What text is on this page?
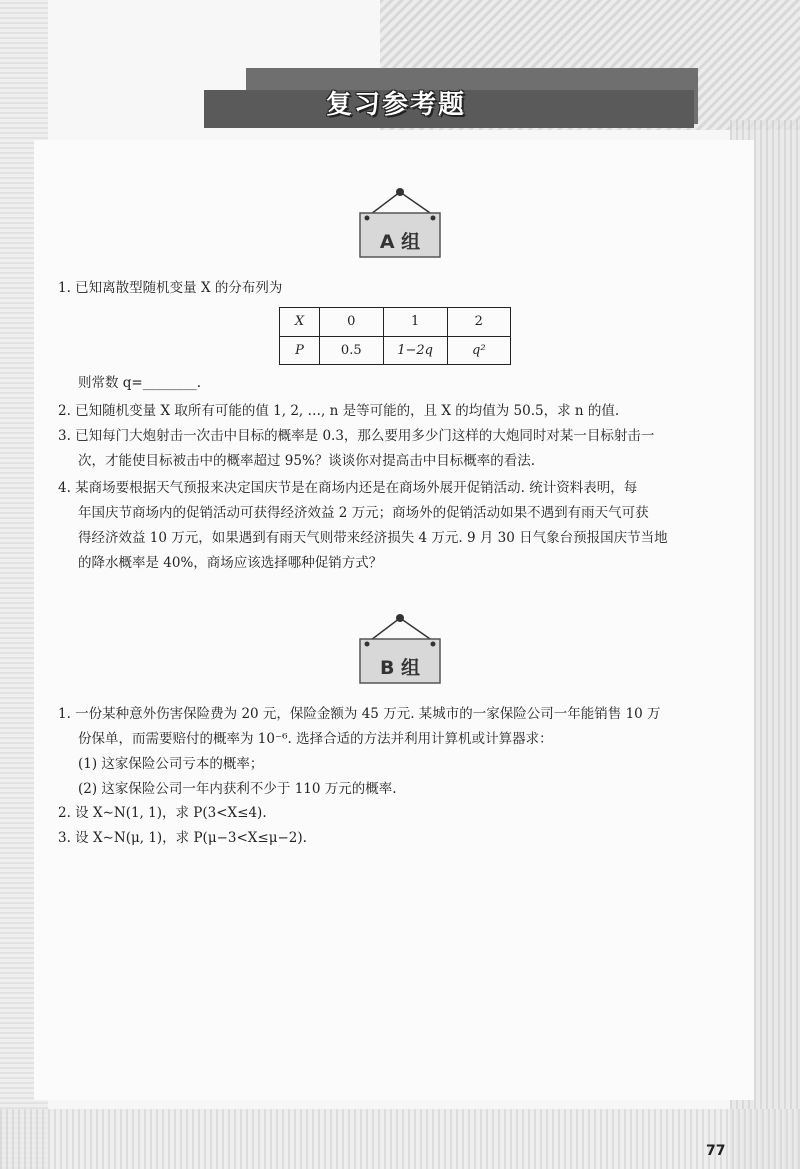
复习参考题
A 组
1. 已知离散型随机变量 X 的分布列为
X	0	1	2
P	0.5	1−2q	q²
则常数 q=________.
2. 已知随机变量 X 取所有可能的值 1, 2, …, n 是等可能的，且 X 的均值为 50.5，求 n 的值.
3. 已知每门大炮射击一次击中目标的概率是 0.3，那么要用多少门这样的大炮同时对某一目标射击一
次，才能使目标被击中的概率超过 95%？谈谈你对提高击中目标概率的看法.
4. 某商场要根据天气预报来决定国庆节是在商场内还是在商场外展开促销活动. 统计资料表明，每
年国庆节商场内的促销活动可获得经济效益 2 万元；商场外的促销活动如果不遇到有雨天气可获
得经济效益 10 万元，如果遇到有雨天气则带来经济损失 4 万元. 9 月 30 日气象台预报国庆节当地
的降水概率是 40%，商场应该选择哪种促销方式？
B 组
1. 一份某种意外伤害保险费为 20 元，保险金额为 45 万元. 某城市的一家保险公司一年能销售 10 万
份保单，而需要赔付的概率为 10⁻⁶. 选择合适的方法并利用计算机或计算器求：
(1) 这家保险公司亏本的概率；
(2) 这家保险公司一年内获利不少于 110 万元的概率.
2. 设 X∼N(1, 1)，求 P(3<X≤4).
3. 设 X∼N(μ, 1)，求 P(μ−3<X≤μ−2).
77
